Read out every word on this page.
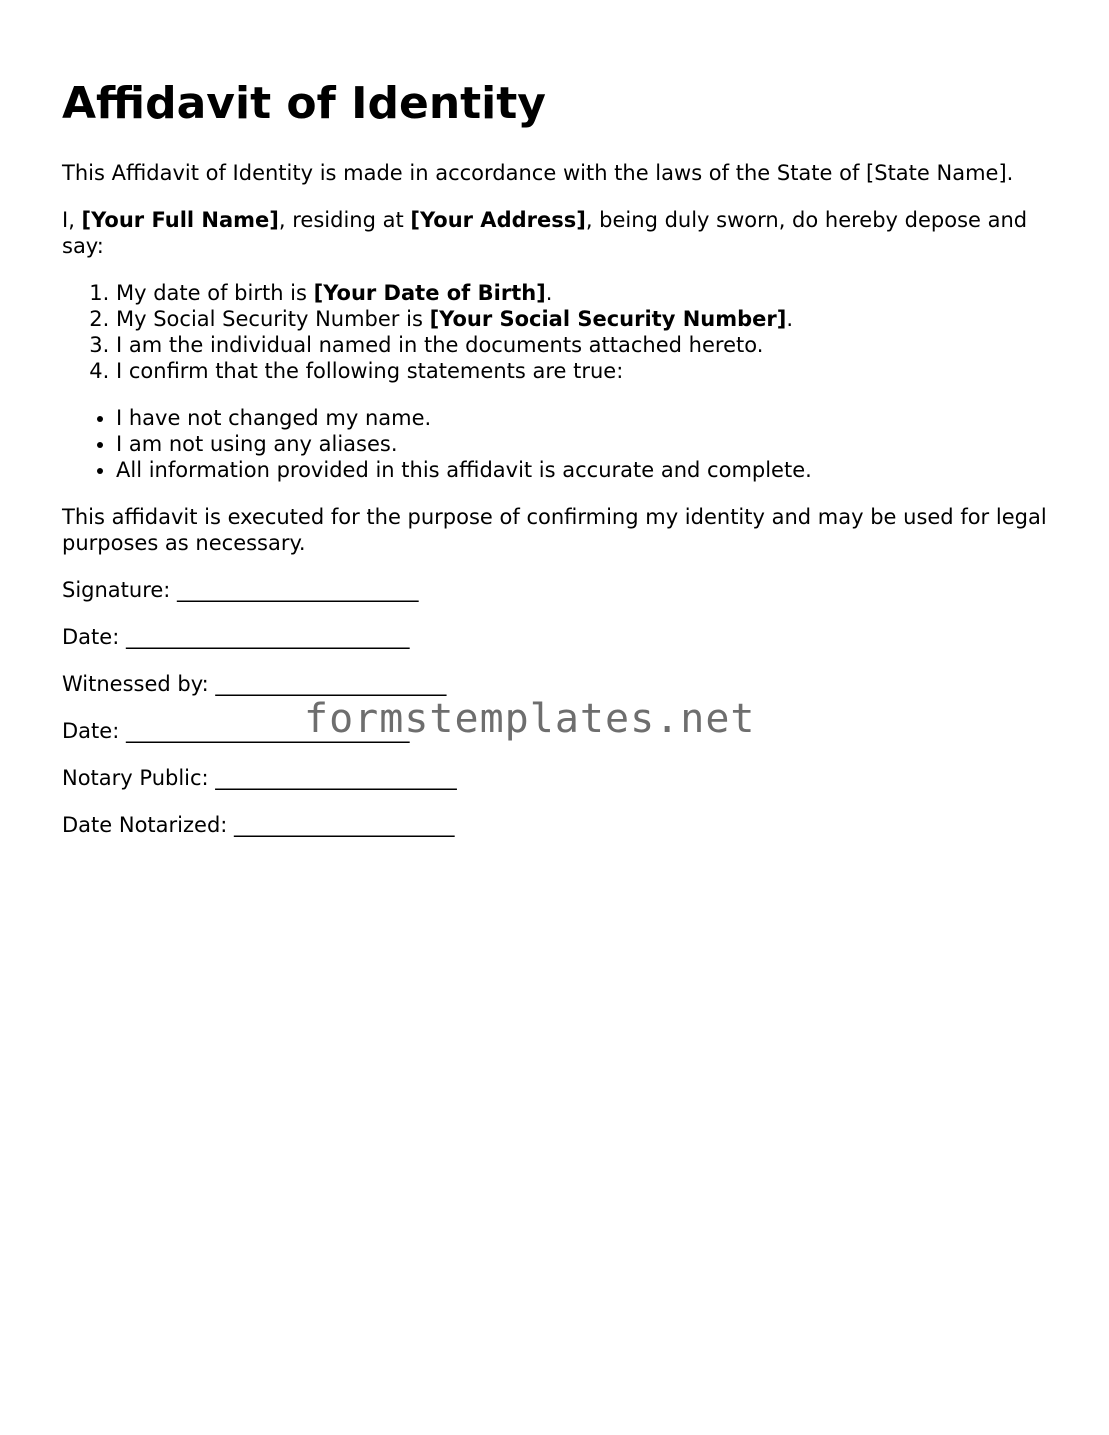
Affidavit of Identity

This Affidavit of Identity is made in accordance with the laws of the State of [State Name].

I, [Your Full Name], residing at [Your Address], being duly sworn, do hereby depose and say:

1. My date of birth is [Your Date of Birth].
2. My Social Security Number is [Your Social Security Number].
3. I am the individual named in the documents attached hereto.
4. I confirm that the following statements are true:
• I have not changed my name.
• I am not using any aliases.
• All information provided in this affidavit is accurate and complete.

This affidavit is executed for the purpose of confirming my identity and may be used for legal purposes as necessary.

Signature: _______________________
Date: ___________________________
Witnessed by: ______________________
Date: ___________________________
Notary Public: _______________________
Date Notarized: _____________________
formstemplates.net
